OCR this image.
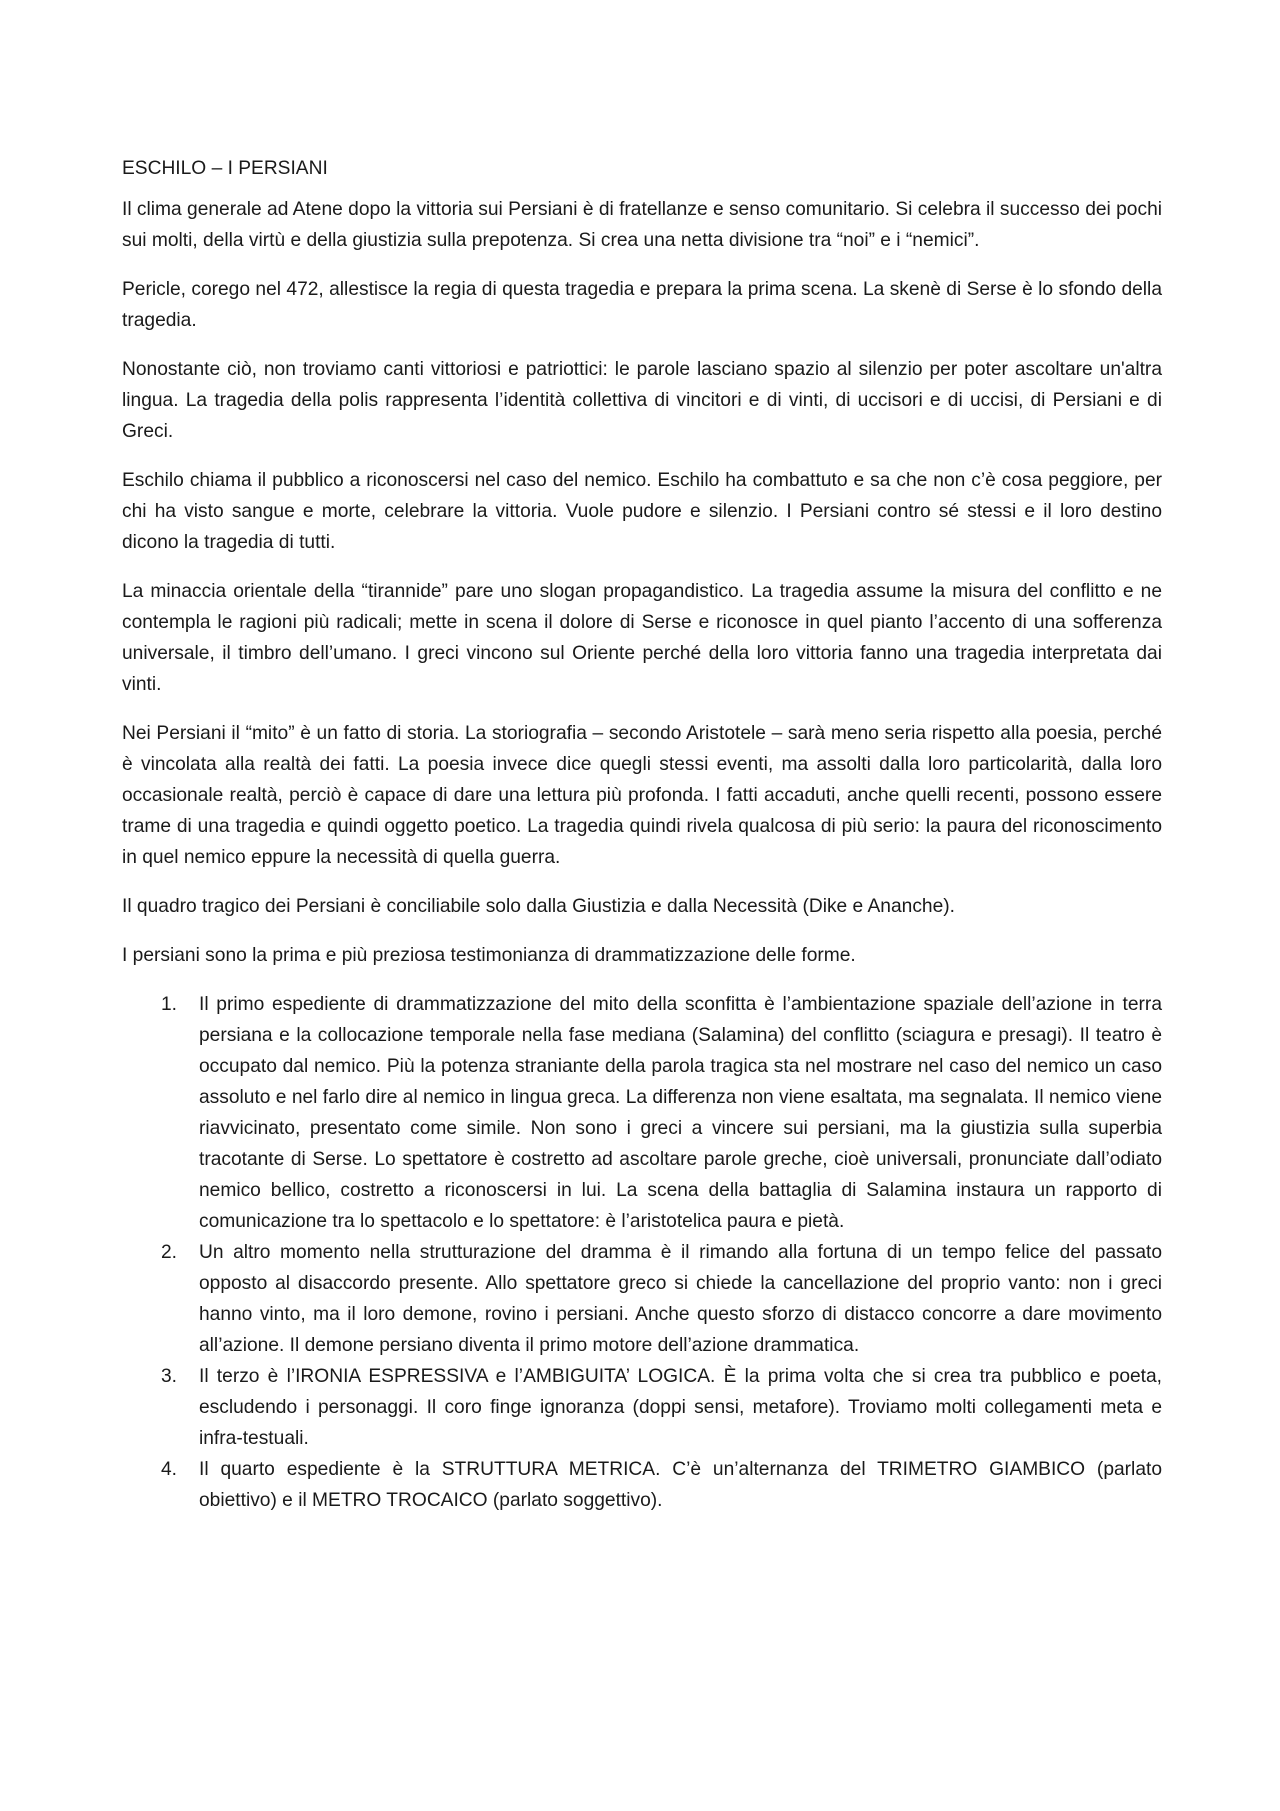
ESCHILO – I PERSIANI

Il clima generale ad Atene dopo la vittoria sui Persiani è di fratellanze e senso comunitario. Si celebra il successo dei pochi sui molti, della virtù e della giustizia sulla prepotenza. Si crea una netta divisione tra “noi” e i “nemici”.

Pericle, corego nel 472, allestisce la regia di questa tragedia e prepara la prima scena. La skenè di Serse è lo sfondo della tragedia.

Nonostante ciò, non troviamo canti vittoriosi e patriottici: le parole lasciano spazio al silenzio per poter ascoltare un'altra lingua. La tragedia della polis rappresenta l’identità collettiva di vincitori e di vinti, di uccisori e di uccisi, di Persiani e di Greci.

Eschilo chiama il pubblico a riconoscersi nel caso del nemico. Eschilo ha combattuto e sa che non c’è cosa peggiore, per chi ha visto sangue e morte, celebrare la vittoria. Vuole pudore e silenzio. I Persiani contro sé stessi e il loro destino dicono la tragedia di tutti.

La minaccia orientale della “tirannide” pare uno slogan propagandistico. La tragedia assume la misura del conflitto e ne contempla le ragioni più radicali; mette in scena il dolore di Serse e riconosce in quel pianto l’accento di una sofferenza universale, il timbro dell’umano. I greci vincono sul Oriente perché della loro vittoria fanno una tragedia interpretata dai vinti.

Nei Persiani il “mito” è un fatto di storia. La storiografia – secondo Aristotele – sarà meno seria rispetto alla poesia, perché è vincolata alla realtà dei fatti. La poesia invece dice quegli stessi eventi, ma assolti dalla loro particolarità, dalla loro occasionale realtà, perciò è capace di dare una lettura più profonda. I fatti accaduti, anche quelli recenti, possono essere trame di una tragedia e quindi oggetto poetico. La tragedia quindi rivela qualcosa di più serio: la paura del riconoscimento in quel nemico eppure la necessità di quella guerra.

Il quadro tragico dei Persiani è conciliabile solo dalla Giustizia e dalla Necessità (Dike e Ananche).

I persiani sono la prima e più preziosa testimonianza di drammatizzazione delle forme.

1. Il primo espediente di drammatizzazione del mito della sconfitta è l’ambientazione spaziale dell’azione in terra persiana e la collocazione temporale nella fase mediana (Salamina) del conflitto (sciagura e presagi). Il teatro è occupato dal nemico. Più la potenza straniante della parola tragica sta nel mostrare nel caso del nemico un caso assoluto e nel farlo dire al nemico in lingua greca. La differenza non viene esaltata, ma segnalata. Il nemico viene riavvicinato, presentato come simile. Non sono i greci a vincere sui persiani, ma la giustizia sulla superbia tracotante di Serse. Lo spettatore è costretto ad ascoltare parole greche, cioè universali, pronunciate dall’odiato nemico bellico, costretto a riconoscersi in lui. La scena della battaglia di Salamina instaura un rapporto di comunicazione tra lo spettacolo e lo spettatore: è l’aristotelica paura e pietà.
2. Un altro momento nella strutturazione del dramma è il rimando alla fortuna di un tempo felice del passato opposto al disaccordo presente. Allo spettatore greco si chiede la cancellazione del proprio vanto: non i greci hanno vinto, ma il loro demone, rovino i persiani. Anche questo sforzo di distacco concorre a dare movimento all’azione. Il demone persiano diventa il primo motore dell’azione drammatica.
3. Il terzo è l’IRONIA ESPRESSIVA e l’AMBIGUITA’ LOGICA. È la prima volta che si crea tra pubblico e poeta, escludendo i personaggi. Il coro finge ignoranza (doppi sensi, metafore). Troviamo molti collegamenti meta e infra-testuali.
4. Il quarto espediente è la STRUTTURA METRICA. C’è un’alternanza del TRIMETRO GIAMBICO (parlato obiettivo) e il METRO TROCAICO (parlato soggettivo).
